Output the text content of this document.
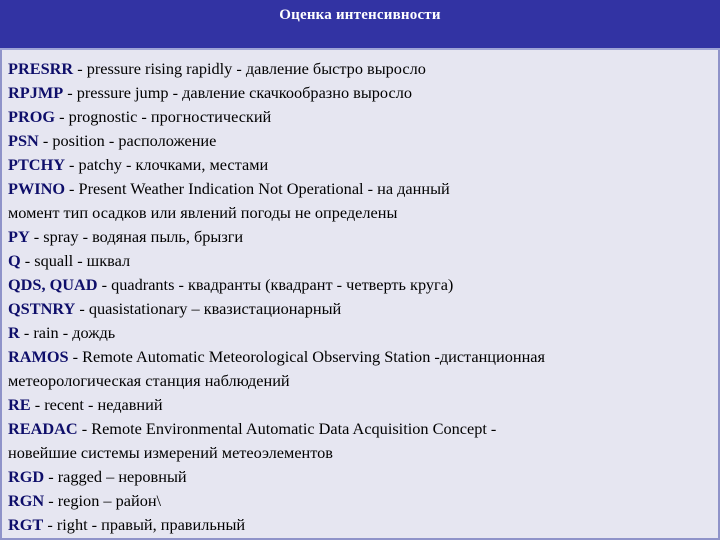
Оценка интенсивности
PRESRR - pressure rising rapidly - давление быстро выросло
RPJMP - pressure jump - давление скачкообразно выросло
PROG - prognostic - прогностический
PSN - position - расположение
PTCHY - patchy - клочками, местами
PWINO - Present Weather Indication Not Operational - на данный
момент тип осадков или явлений погоды не определены
PY - spray - водяная пыль, брызги
Q - squall - шквал
QDS, QUAD - quadrants - квадранты (квадрант - четверть круга)
QSTNRY - quasistationary – квазистационарный
R - rain - дождь
RAMOS - Remote Automatic Meteorological Observing Station -дистанционная
метеорологическая станция наблюдений
RE - recent - недавний
READAC - Remote Environmental Automatic Data Acquisition Concept -
новейшие системы измерений метеоэлементов
RGD - ragged – неровный
RGN - region – район\
RGT - right - правый, правильный
